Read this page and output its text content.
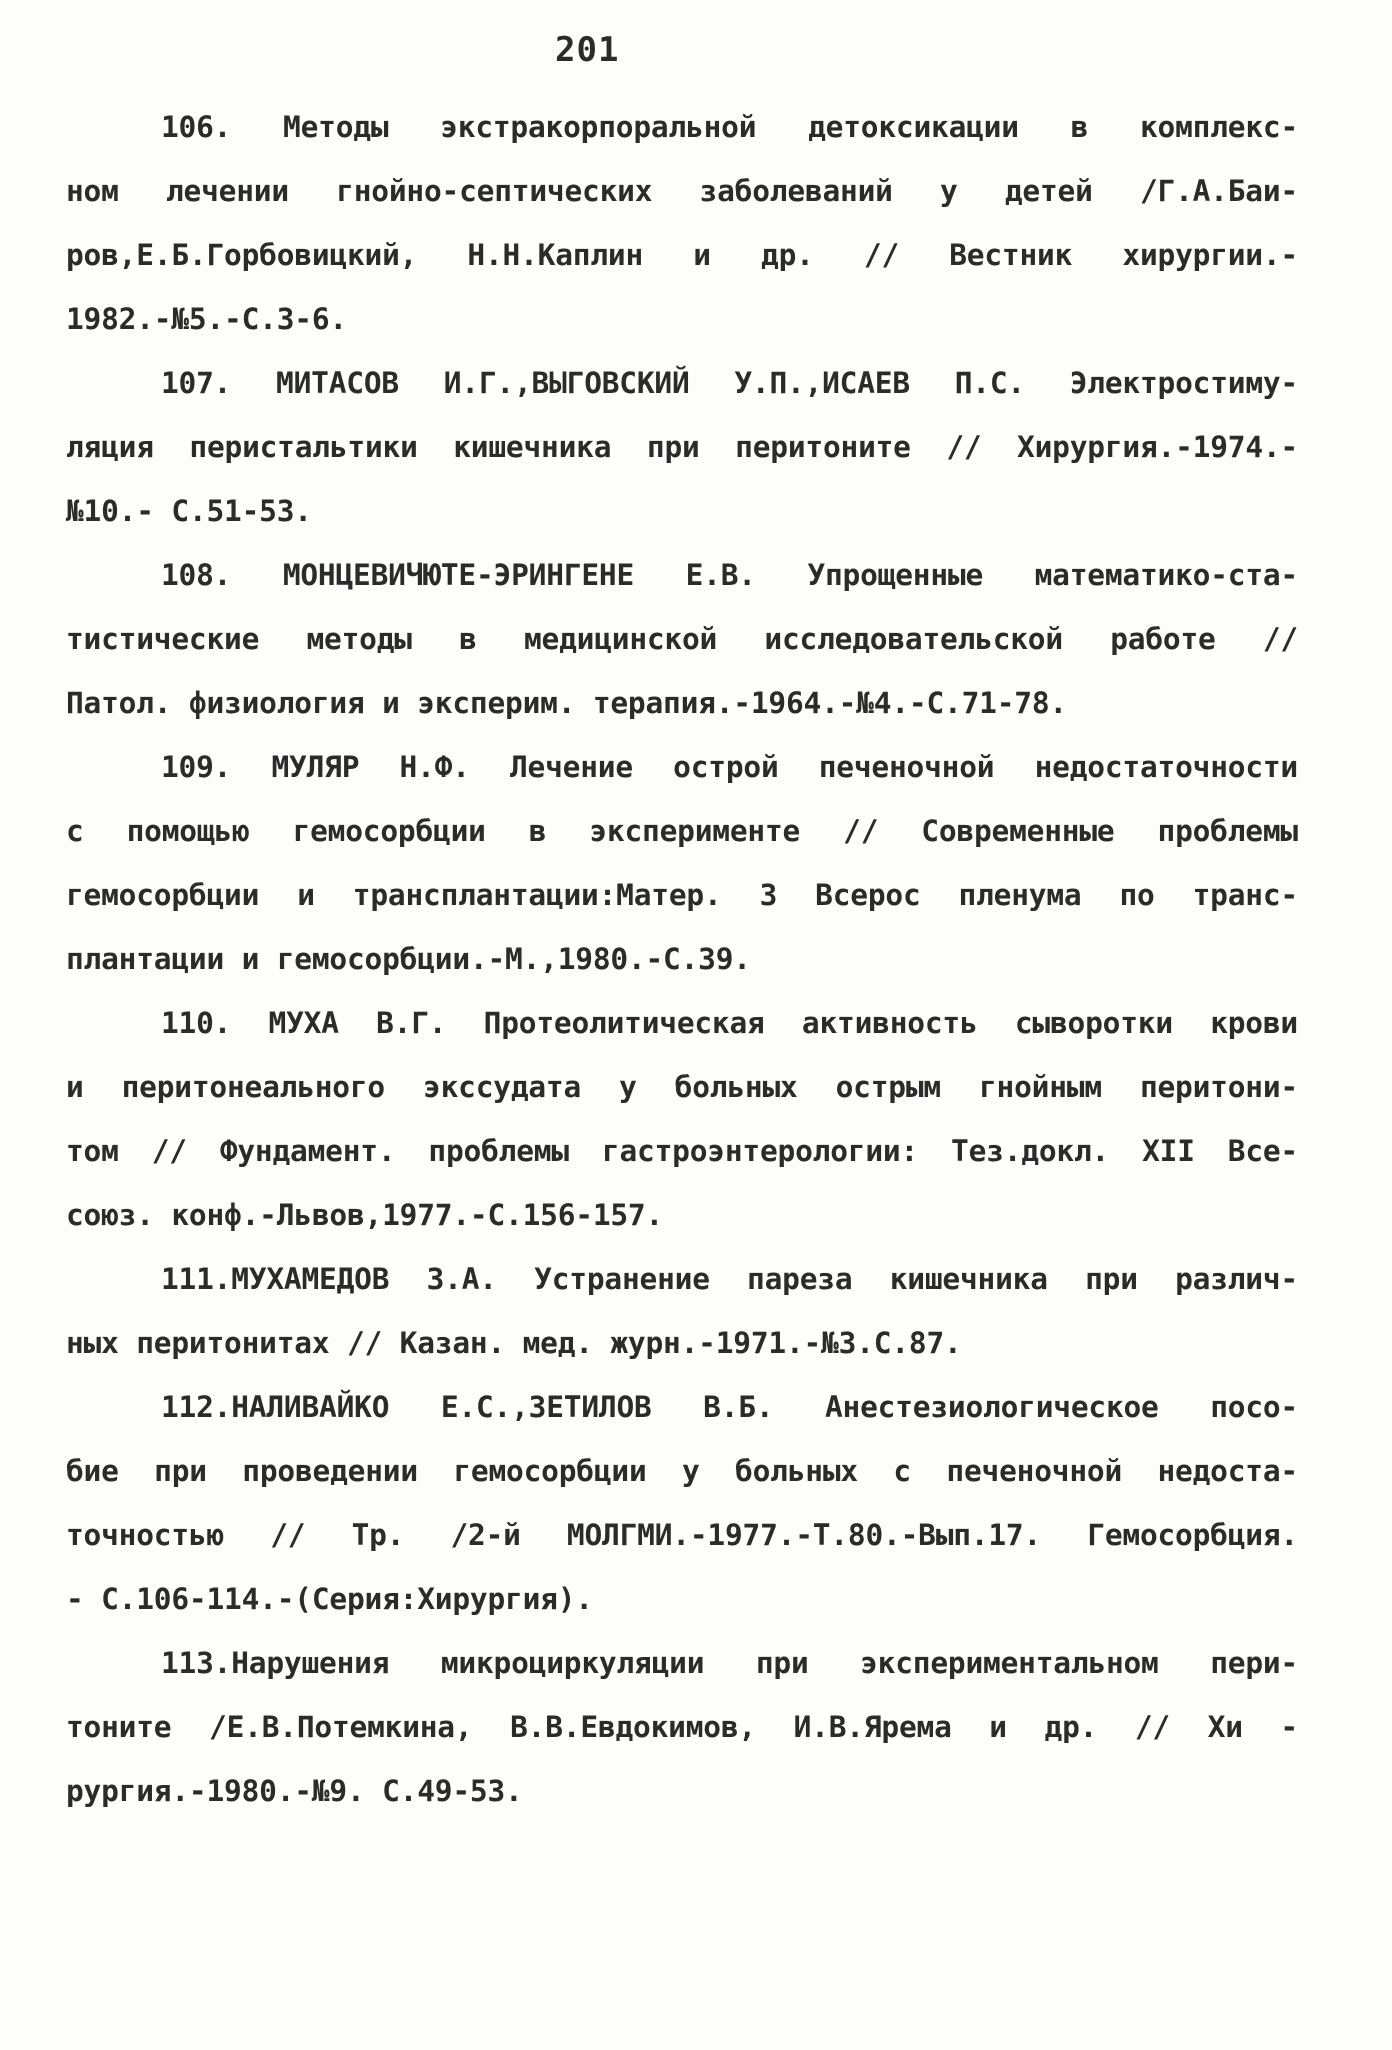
201
106. Методы экстракорпоральной детоксикации в комплекс-
ном лечении гнойно-септических заболеваний у детей /Г.А.Баи-
ров,Е.Б.Горбовицкий, Н.Н.Каплин и др. // Вестник хирургии.-
1982.-№5.-С.3-6.
107. МИТАСОВ И.Г.,ВЫГОВСКИЙ У.П.,ИСАЕВ П.С. Электростиму-
ляция перистальтики кишечника при перитоните // Хирургия.-1974.-
№10.- С.51-53.
108. МОНЦЕВИЧЮТЕ-ЭРИНГЕНЕ Е.В. Упрощенные математико-ста-
тистические методы в медицинской исследовательской работе //
Патол. физиология и эксперим. терапия.-1964.-№4.-С.71-78.
109. МУЛЯР Н.Ф. Лечение острой печеночной недостаточности
с помощью гемосорбции в эксперименте // Современные проблемы
гемосорбции и трансплантации:Матер. 3 Всерос пленума по транс-
плантации и гемосорбции.-М.,1980.-С.39.
110. МУХА В.Г. Протеолитическая активность сыворотки крови
и перитонеального экссудата у больных острым гнойным перитони-
том // Фундамент. проблемы гастроэнтерологии: Тез.докл. XII Все-
союз. конф.-Львов,1977.-С.156-157.
111.МУХАМЕДОВ З.А. Устранение пареза кишечника при различ-
ных перитонитах // Казан. мед. журн.-1971.-№3.С.87.
112.НАЛИВАЙКО Е.С.,ЗЕТИЛОВ В.Б. Анестезиологическое посо-
бие при проведении гемосорбции у больных с печеночной недоста-
точностью // Тр. /2-й МОЛГМИ.-1977.-Т.80.-Вып.17. Гемосорбция.
- С.106-114.-(Серия:Хирургия).
113.Нарушения микроциркуляции при экспериментальном пери-
тоните /Е.В.Потемкина, В.В.Евдокимов, И.В.Ярема и др. // Хи -
рургия.-1980.-№9. С.49-53.
